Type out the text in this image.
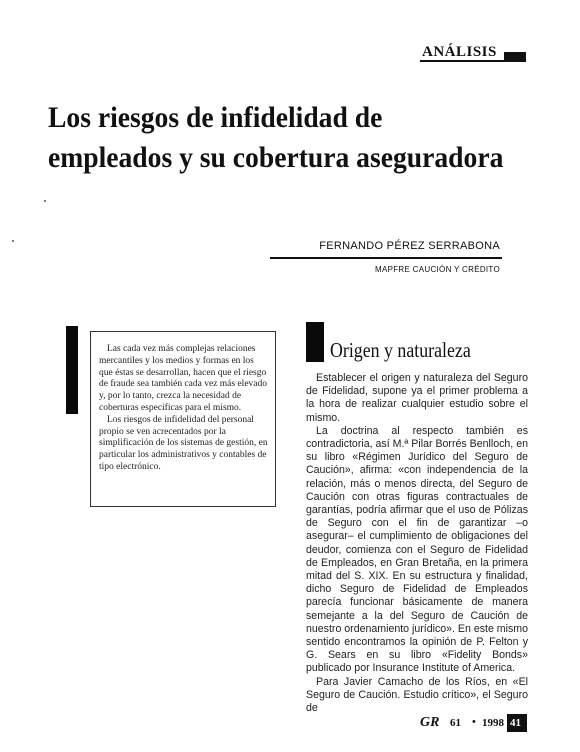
ANÁLISIS
Los riesgos de infidelidad de empleados y su cobertura aseguradora
FERNANDO PÉREZ SERRABONA
MAPFRE CAUCIÓN Y CRÉDITO

Las cada vez más complejas relaciones mercantiles y los medios y formas en los que éstas se desarrollan, hacen que el riesgo de fraude sea también cada vez más elevado y, por lo tanto, crezca la necesidad de coberturas específicas para el mismo.

Los riesgos de infidelidad del personal propio se ven acrecentados por la simplificación de los sistemas de gestión, en particular los administrativos y contables de tipo electrónico.

Origen y naturaleza

Establecer el origen y naturaleza del Seguro de Fidelidad, supone ya el primer problema a la hora de realizar cualquier estudio sobre el mismo.

La doctrina al respecto también es contradictoria, así M.ª Pilar Borrés Benlloch, en su libro «Régimen Jurídico del Seguro de Caución», afirma: «con independencia de la relación, más o menos directa, del Seguro de Caución con otras figuras contractuales de garantías, podría afirmar que el uso de Pólizas de Seguro con el fin de garantizar –o asegurar– el cumplimiento de obligaciones del deudor, comienza con el Seguro de Fidelidad de Empleados, en Gran Bretaña, en la primera mitad del S. XIX. En su estructura y finalidad, dicho Seguro de Fidelidad de Empleados parecía funcionar básicamente de manera semejante a la del Seguro de Caución de nuestro ordenamiento jurídico». En este mismo sentido encontramos la opinión de P. Felton y G. Sears en su libro «Fidelity Bonds» publicado por Insurance Institute of America.

Para Javier Camacho de los Ríos, en «El Seguro de Caución. Estudio crítico», el Seguro de

GR 61 • 1998 41
